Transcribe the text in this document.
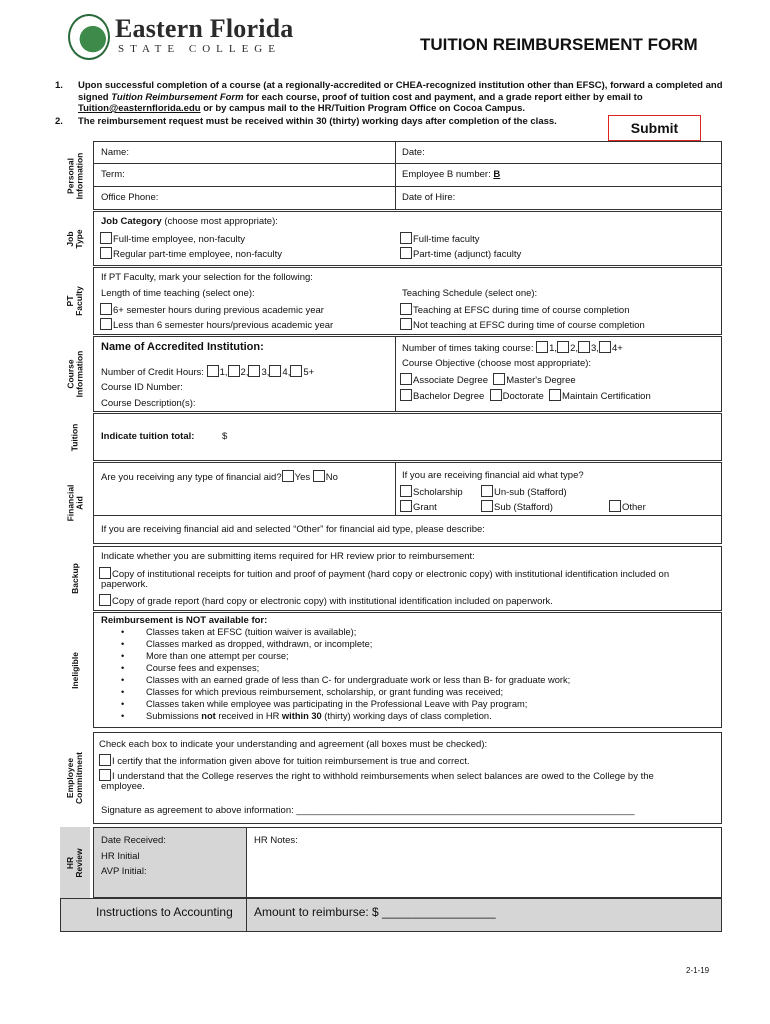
Eastern Florida
STATE COLLEGE	TUITION REIMBURSEMENT FORM
1. Upon successful completion of a course (at a regionally-accredited or CHEA-recognized institution other than EFSC), forward a completed and signed Tuition Reimbursement Form for each course, proof of tuition cost and payment, and a grade report either by email to Tuition@easternflorida.edu or by campus mail to the HR/Tuition Program Office on Cocoa Campus.
2. The reimbursement request must be received within 30 (thirty) working days after completion of the class.	Submit
Personal Information Name:	Date:
Term:	Employee B number: B
Office Phone:	Date of Hire:
Job Type
Job Category (choose most appropriate):
Full-time employee, non-faculty
Regular part-time employee, non-faculty
Full-time faculty
Part-time (adjunct) faculty
PT Faculty
If PT Faculty, mark your selection for the following:
Length of time teaching (select one):
6+ semester hours during previous academic year
Less than 6 semester hours/previous academic year
Teaching Schedule (select one):
Teaching at EFSC during time of course completion
Not teaching at EFSC during time of course completion
Course Information
Name of Accredited Institution:
Number of Credit Hours: 1, 2, 3, 4, 5+
Course ID Number:
Course Description(s):
Number of times taking course: 1, 2, 3, 4+
Course Objective (choose most appropriate):
Associate Degree Master's Degree
Bachelor Degree Doctorate Maintain Certification
Tuition Indicate tuition total:	$
Financial Aid
Are you receiving any type of financial aid? Yes No	If you are receiving financial aid what type?
Scholarship	Un-sub (Stafford)
Grant	Sub (Stafford)	Other
If you are receiving financial aid and selected “Other” for financial aid type, please describe:
Backup
Indicate whether you are submitting items required for HR review prior to reimbursement:
Copy of institutional receipts for tuition and proof of payment (hard copy or electronic copy) with institutional identification included on
paperwork.
Copy of grade report (hard copy or electronic copy) with institutional identification included on paperwork.
Ineligible
Reimbursement is NOT available for:
• Classes taken at EFSC (tuition waiver is available);
• Classes marked as dropped, withdrawn, or incomplete;
• More than one attempt per course;
• Course fees and expenses;
• Classes with an earned grade of less than C- for undergraduate work or less than B- for graduate work;
• Classes for which previous reimbursement, scholarship, or grant funding was received;
• Classes taken while employee was participating in the Professional Leave with Pay program;
• Submissions not received in HR within 30 (thirty) working days of class completion.
Employee Commitment
Check each box to indicate your understanding and agreement (all boxes must be checked):
I certify that the information given above for tuition reimbursement is true and correct.
I understand that the College reserves the right to withhold reimbursements when select balances are owed to the College by the
employee.
Signature as agreement to above information: ________________________________________________________________
HR Review
Date Received:
HR Initial
AVP Initial:
HR Notes:
Instructions to Accounting Amount to reimburse: $ _________________
2-1-19
